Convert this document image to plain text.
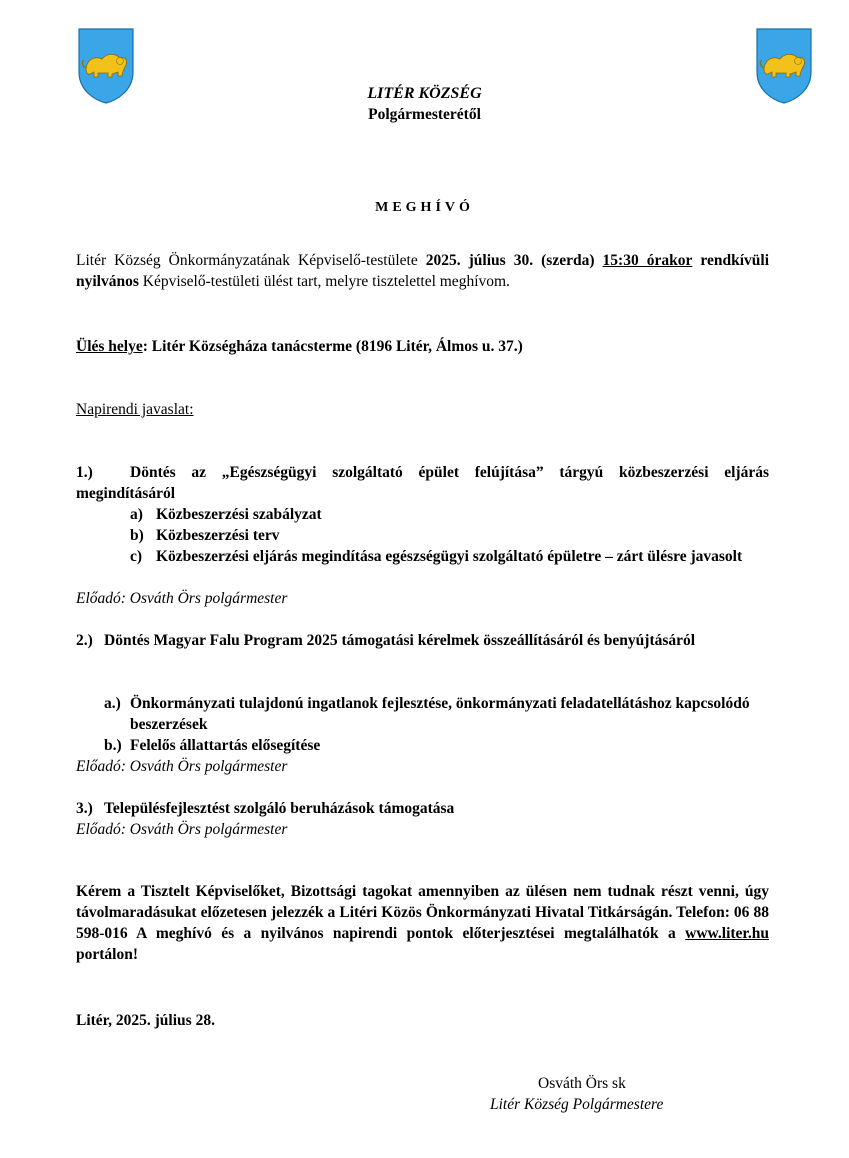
LITÉR KÖZSÉG
Polgármesterétől
MEGHÍVÓ
Litér Község Önkormányzatának Képviselő-testülete 2025. július 30. (szerda) 15:30 órakor rendkívüli nyilvános Képviselő-testületi ülést tart, melyre tisztelettel meghívom.
Ülés helye: Litér Községháza tanácsterme (8196 Litér, Álmos u. 37.)
Napirendi javaslat:
1.) Döntés az „Egészségügyi szolgáltató épület felújítása” tárgyú közbeszerzési eljárás megindításáról
a) Közbeszerzési szabályzat
b) Közbeszerzési terv
c) Közbeszerzési eljárás megindítása egészségügyi szolgáltató épületre – zárt ülésre javasolt
Előadó: Osváth Örs polgármester
2.) Döntés Magyar Falu Program 2025 támogatási kérelmek összeállításáról és benyújtásáról
a.) Önkormányzati tulajdonú ingatlanok fejlesztése, önkormányzati feladatellátáshoz kapcsolódó beszerzések
b.) Felelős állattartás elősegítése
Előadó: Osváth Örs polgármester
3.) Településfejlesztést szolgáló beruházások támogatása
Előadó: Osváth Örs polgármester
Kérem a Tisztelt Képviselőket, Bizottsági tagokat amennyiben az ülésen nem tudnak részt venni, úgy távolmaradásukat előzetesen jelezzék a Litéri Közös Önkormányzati Hivatal Titkárságán. Telefon: 06 88 598-016 A meghívó és a nyilvános napirendi pontok előterjesztései megtalálhatók a www.liter.hu portálon!
Litér, 2025. július 28.
Osváth Örs sk
Litér Község Polgármestere
